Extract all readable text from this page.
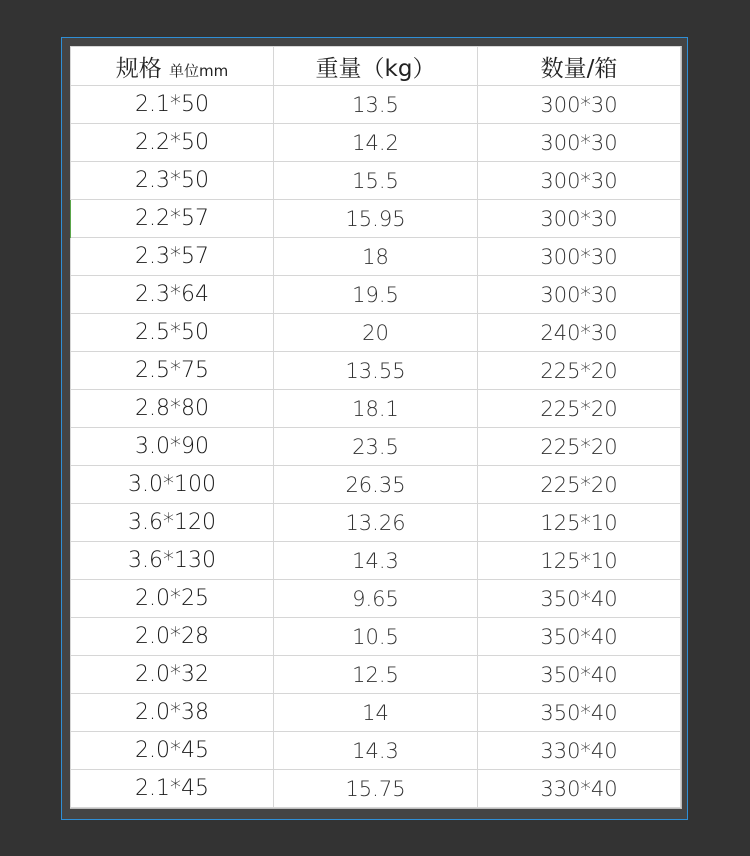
规格 单位mm	重量（kg）	数量/箱
2.1*50	13.5	300*30
2.2*50	14.2	300*30
2.3*50	15.5	300*30
2.2*57	15.95	300*30
2.3*57	18	300*30
2.3*64	19.5	300*30
2.5*50	20	240*30
2.5*75	13.55	225*20
2.8*80	18.1	225*20
3.0*90	23.5	225*20
3.0*100	26.35	225*20
3.6*120	13.26	125*10
3.6*130	14.3	125*10
2.0*25	9.65	350*40
2.0*28	10.5	350*40
2.0*32	12.5	350*40
2.0*38	14	350*40
2.0*45	14.3	330*40
2.1*45	15.75	330*40
